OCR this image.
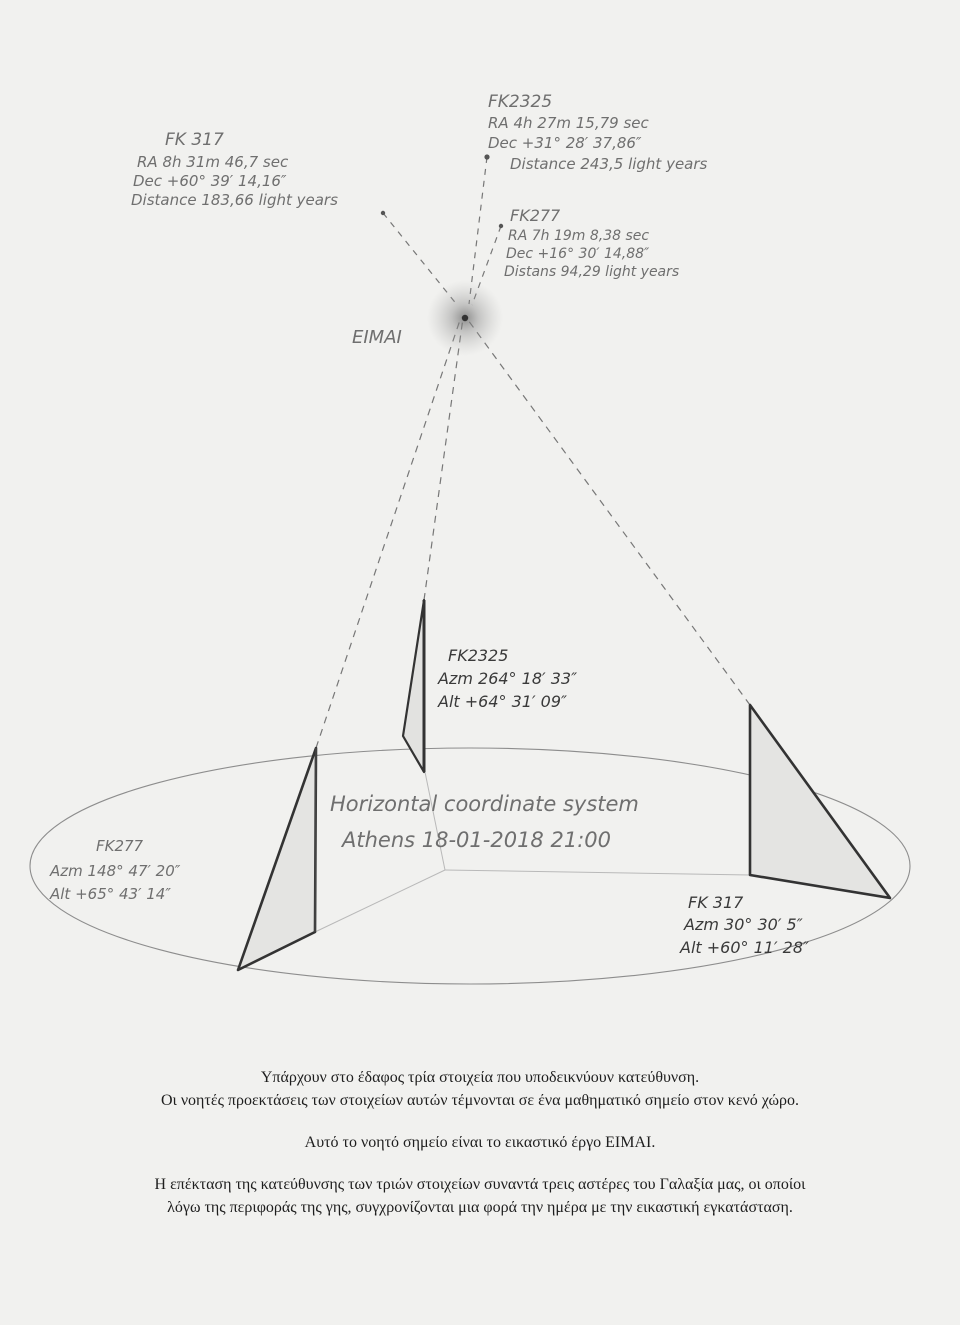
EIMAI
FK 317
RA 8h 31m 46,7 sec
Dec +60° 39′ 14,16″
Distance 183,66 light years
FK2325
RA 4h 27m 15,79 sec
Dec +31° 28′ 37,86″
Distance 243,5 light years
FK277
RA 7h 19m 8,38 sec
Dec +16° 30′ 14,88″
Distans 94,29 light years
FK2325
Azm 264° 18′ 33″
Alt +64° 31′ 09″
FK277
Azm 148° 47′ 20″
Alt +65° 43′ 14″	FK 317
Azm 30° 30′ 5″
Alt +60° 11′ 28″
Horizontal coordinate system
Athens 18-01-2018 21:00

Υπάρχουν στο έδαφος τρία στοιχεία που υποδεικνύουν κατεύθυνση.

Οι νοητές προεκτάσεις των στοιχείων αυτών τέμνονται σε ένα μαθηματικό σημείο στον κενό χώρο.

Αυτό το νοητό σημείο είναι το εικαστικό έργο ΕΙΜΑΙ.

Η επέκταση της κατεύθυνσης των τριών στοιχείων συναντά τρεις αστέρες του Γαλαξία μας, οι οποίοι

λόγω της περιφοράς της γης, συγχρονίζονται μια φορά την ημέρα με την εικαστική εγκατάσταση.
